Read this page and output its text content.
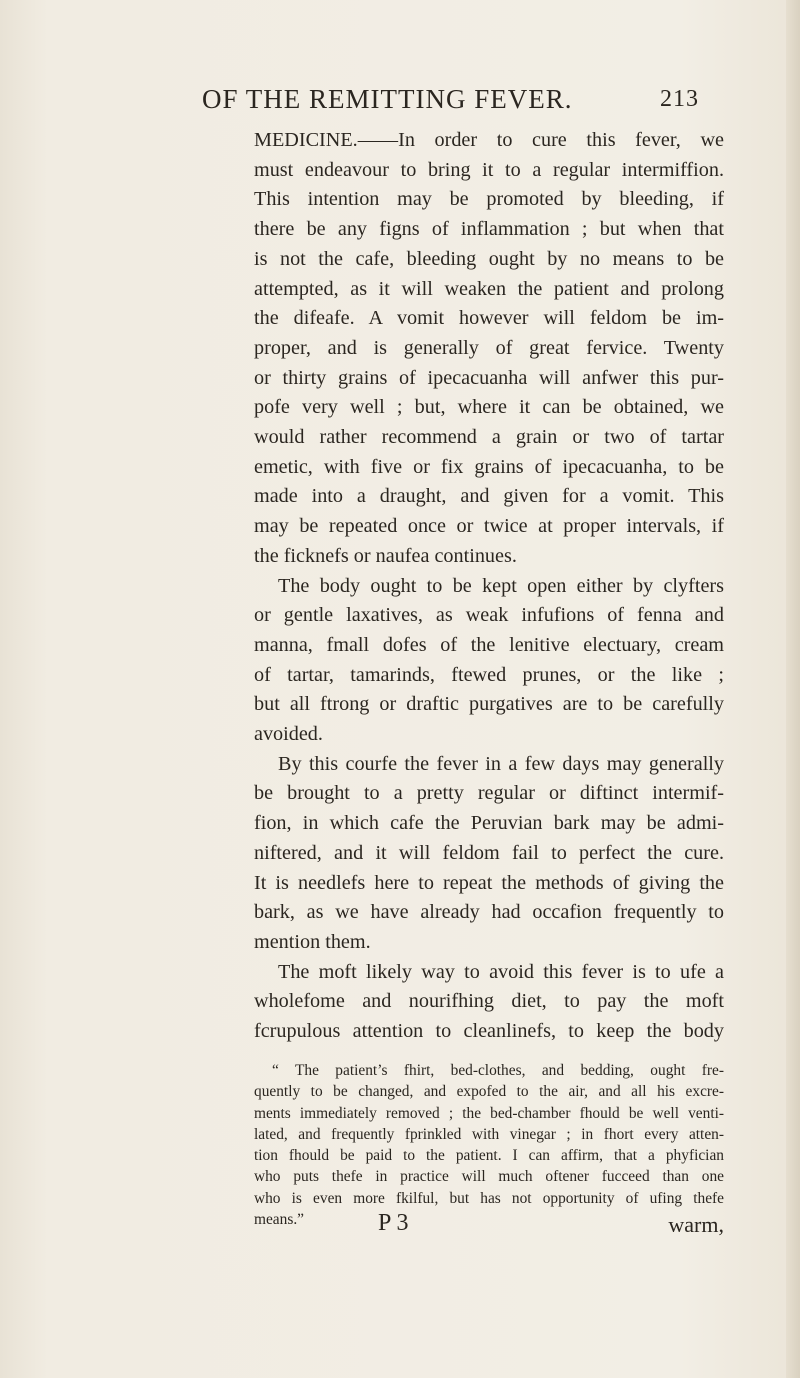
OF THE REMITTING FEVER.	213
MEDICINE.——In order to cure this fever, we
must endeavour to bring it to a regular intermiffion.
This intention may be promoted by bleeding, if
there be any figns of inflammation ; but when that
is not the cafe, bleeding ought by no means to be
attempted, as it will weaken the patient and prolong
the difeafe. A vomit however will feldom be im-
proper, and is generally of great fervice. Twenty
or thirty grains of ipecacuanha will anfwer this pur-
pofe very well ; but, where it can be obtained, we
would rather recommend a grain or two of tartar
emetic, with five or fix grains of ipecacuanha, to be
made into a draught, and given for a vomit. This
may be repeated once or twice at proper intervals, if
the ficknefs or naufea continues.
The body ought to be kept open either by clyfters
or gentle laxatives, as weak infufions of fenna and
manna, fmall dofes of the lenitive electuary, cream
of tartar, tamarinds, ftewed prunes, or the like ;
but all ftrong or draftic purgatives are to be carefully
avoided.
By this courfe the fever in a few days may generally
be brought to a pretty regular or diftinct intermif-
fion, in which cafe the Peruvian bark may be admi-
niftered, and it will feldom fail to perfect the cure.
It is needlefs here to repeat the methods of giving the
bark, as we have already had occafion frequently to
mention them.
The moft likely way to avoid this fever is to ufe a
wholefome and nourifhing diet, to pay the moft
fcrupulous attention to cleanlinefs, to keep the body
“ The patient’s fhirt, bed-clothes, and bedding, ought fre-
quently to be changed, and expofed to the air, and all his excre-
ments immediately removed ; the bed-chamber fhould be well venti-
lated, and frequently fprinkled with vinegar ; in fhort every atten-
tion fhould be paid to the patient. I can affirm, that a phyfician
who puts thefe in practice will much oftener fucceed than one
who is even more fkilful, but has not opportunity of ufing thefe
means.”	P 3	warm,
